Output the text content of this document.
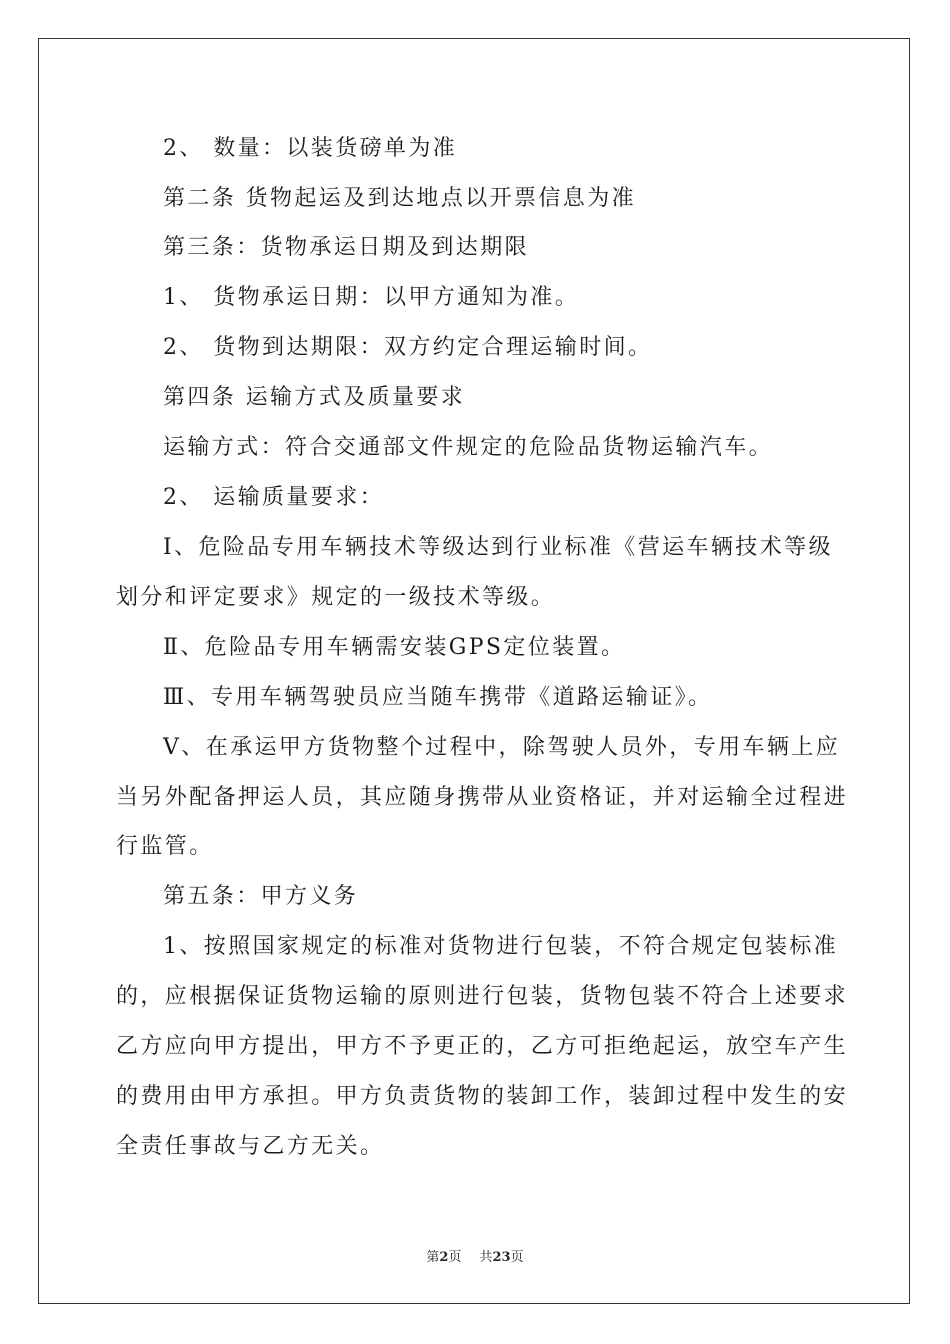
2、 数量：以装货磅单为准
第二条 货物起运及到达地点以开票信息为准
第三条：货物承运日期及到达期限
1、 货物承运日期：以甲方通知为准。
2、 货物到达期限：双方约定合理运输时间。
第四条 运输方式及质量要求
运输方式：符合交通部文件规定的危险品货物运输汽车。
2、 运输质量要求：
Ⅰ、危险品专用车辆技术等级达到行业标准《营运车辆技术等级
划分和评定要求》规定的一级技术等级。
Ⅱ、危险品专用车辆需安装GPS定位装置。
Ⅲ、专用车辆驾驶员应当随车携带《道路运输证》。
Ⅴ、在承运甲方货物整个过程中，除驾驶人员外，专用车辆上应
当另外配备押运人员，其应随身携带从业资格证，并对运输全过程进
行监管。
第五条：甲方义务
1、按照国家规定的标准对货物进行包装，不符合规定包装标准
的，应根据保证货物运输的原则进行包装，货物包装不符合上述要求
乙方应向甲方提出，甲方不予更正的，乙方可拒绝起运，放空车产生
的费用由甲方承担。甲方负责货物的装卸工作，装卸过程中发生的安
全责任事故与乙方无关。
第2页 共23页
